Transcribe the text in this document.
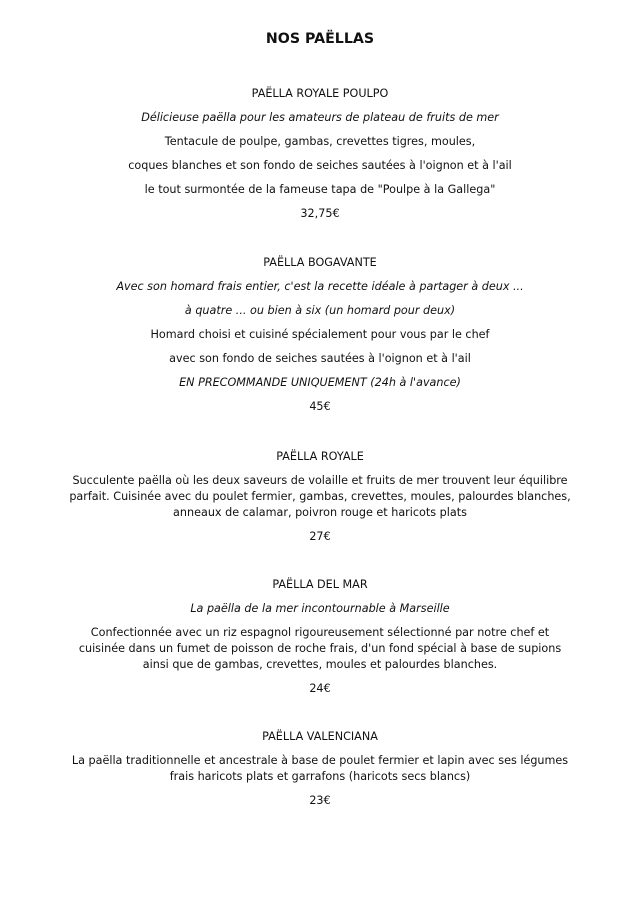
NOS PAËLLAS
PAËLLA ROYALE POULPO

Délicieuse paëlla pour les amateurs de plateau de fruits de mer

Tentacule de poulpe, gambas, crevettes tigres, moules,

coques blanches et son fondo de seiches sautées à l'oignon et à l'ail

le tout surmontée de la fameuse tapa de "Poulpe à la Gallega"

32,75€

PAËLLA BOGAVANTE

Avec son homard frais entier, c'est la recette idéale à partager à deux ...

à quatre ... ou bien à six (un homard pour deux)

Homard choisi et cuisiné spécialement pour vous par le chef

avec son fondo de seiches sautées à l'oignon et à l'ail

EN PRECOMMANDE UNIQUEMENT (24h à l'avance)

45€

PAËLLA ROYALE

Succulente paëlla où les deux saveurs de volaille et fruits de mer trouvent leur équilibre parfait. Cuisinée avec du poulet fermier, gambas, crevettes, moules, palourdes blanches, anneaux de calamar, poivron rouge et haricots plats

27€

PAËLLA DEL MAR

La paëlla de la mer incontournable à Marseille

Confectionnée avec un riz espagnol rigoureusement sélectionné par notre chef et cuisinée dans un fumet de poisson de roche frais, d'un fond spécial à base de supions ainsi que de gambas, crevettes, moules et palourdes blanches.

24€

PAËLLA VALENCIANA

La paëlla traditionnelle et ancestrale à base de poulet fermier et lapin avec ses légumes frais haricots plats et garrafons (haricots secs blancs)

23€
